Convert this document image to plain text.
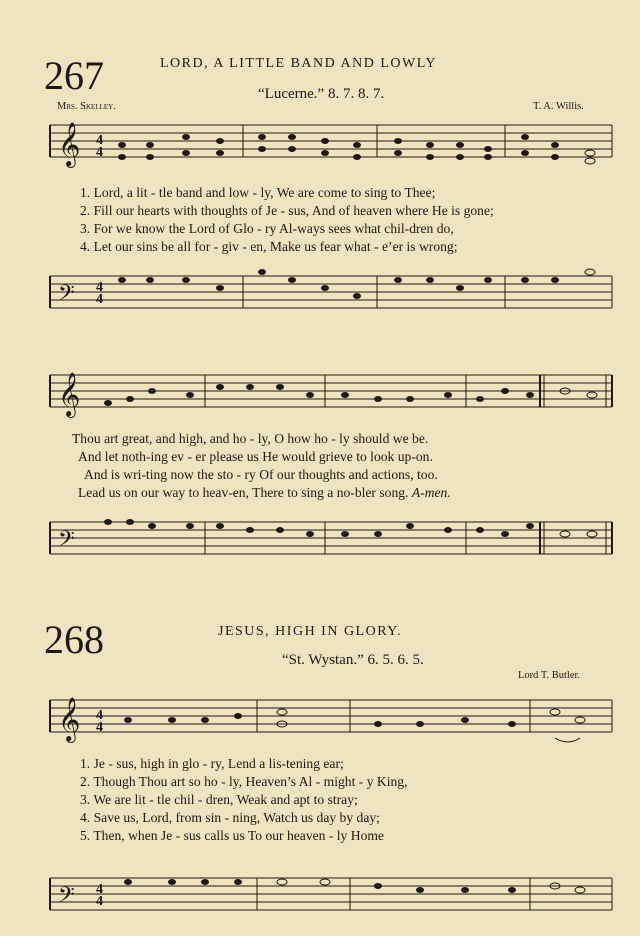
267	LORD, A LITTLE BAND AND LOWLY
“Lucerne.” 8. 7. 8. 7.
Mrs. Skelley.	T. A. Willis.
𝄞 4
4
1. Lord, a lit - tle band and low - ly, We are come to sing to Thee;
2. Fill our hearts with thoughts of Je - sus, And of heaven where He is gone;
3. For we know the Lord of Glo - ry Al-ways sees what chil-dren do,
4. Let our sins be all for - giv - en, Make us fear what - e’er is wrong;
𝄢 4
4
𝄞
Thou art great, and high, and ho - ly, O how ho - ly should we be.
And let noth-ing ev - er please us He would grieve to look up-on.
And is wri-ting now the sto - ry Of our thoughts and actions, too.
Lead us on our way to heav-en, There to sing a no-bler song. A-men.
𝄢
268	JESUS, HIGH IN GLORY.
“St. Wystan.” 6. 5. 6. 5.
Lord T. Butler.
𝄞 4
4
1. Je - sus, high in glo - ry, Lend a lis-tening ear;
2. Though Thou art so ho - ly, Heaven’s Al - might - y King,
3. We are lit - tle chil - dren, Weak and apt to stray;
4. Save us, Lord, from sin - ning, Watch us day by day;
5. Then, when Je - sus calls us To our heaven - ly Home
𝄢 4
4
